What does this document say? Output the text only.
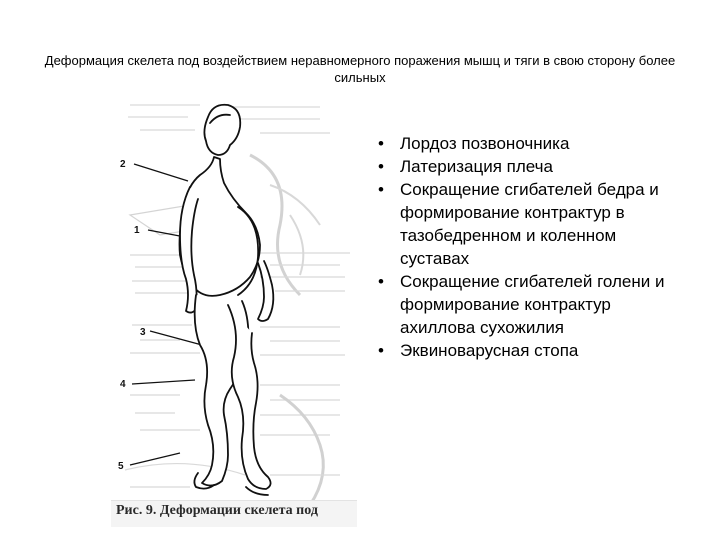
Деформация скелета под воздействием неравномерного поражения мышц и тяги в свою сторону более сильных
2
1
3
4
5
Рис. 9. Деформации скелета под
• Лордоз позвоночника
• Латеризация плеча
• Сокращение сгибателей бедра и формирование контрактур в тазобедренном и коленном суставах
• Сокращение сгибателей голени и формирование контрактур ахиллова сухожилия
• Эквиноварусная стопа
